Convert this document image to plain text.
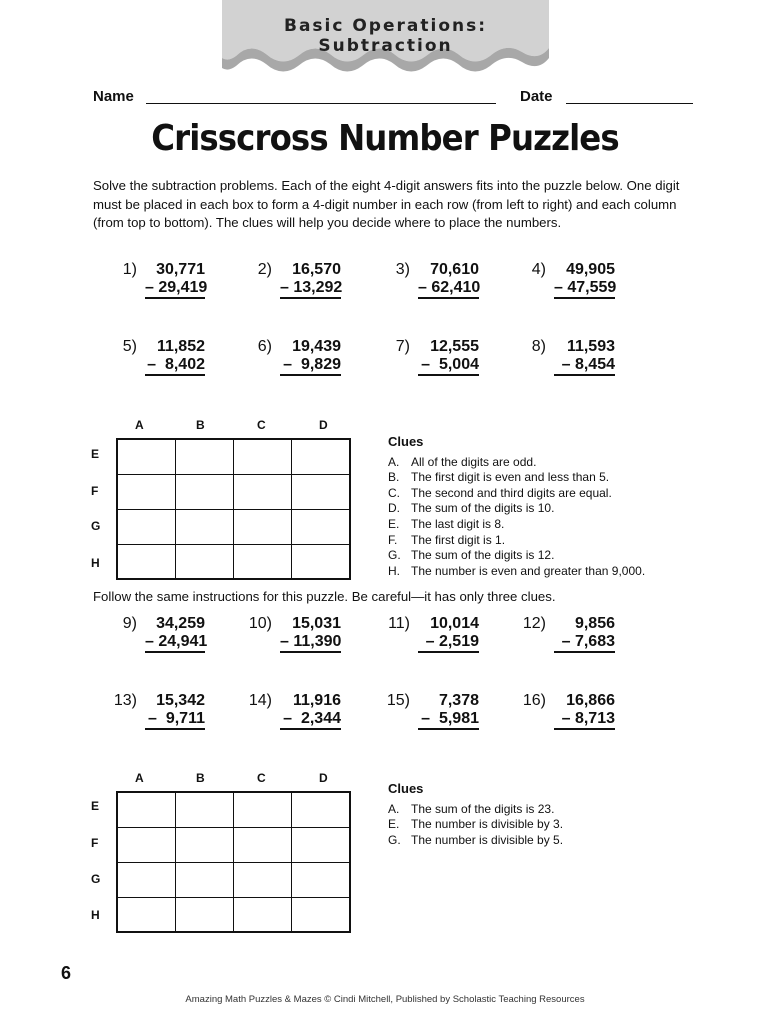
Basic Operations: Subtraction
Name	Date
Crisscross Number Puzzles
Solve the subtraction problems. Each of the eight 4-digit answers fits into the puzzle below. One digit must be placed in each box to form a 4-digit number in each row (from left to right) and each column (from top to bottom). The clues will help you decide where to place the numbers.
1)	30,771
– 29,419
2)	16,570
– 13,292
3)	70,610
– 62,410
4)	49,905
– 47,559
5)	11,852
–  8,402
6)	19,439
–  9,829
7)	12,555
–  5,004
8)	11,593
– 8,454
A	B	C	D
E
F
G
H

Clues
A. All of the digits are odd.
B. The first digit is even and less than 5.
C. The second and third digits are equal.
D. The sum of the digits is 10.
E. The last digit is 8.
F.	The first digit is 1.
G. The sum of the digits is 12.
H. The number is even and greater than 9,000.
Follow the same instructions for this puzzle. Be careful—it has only three clues.
9)	34,259
– 24,941
10)	15,031
– 11,390
11)	10,014
– 2,519
12)	9,856
– 7,683
13)	15,342
–  9,711
14)	11,916
–  2,344
15)	7,378
–  5,981
16)	16,866
– 8,713
A	B	C	D
E
F
G
H

Clues
A. The sum of the digits is 23.
E. The number is divisible by 3.
G. The number is divisible by 5.
6
Amazing Math Puzzles & Mazes © Cindi Mitchell, Published by Scholastic Teaching Resources
